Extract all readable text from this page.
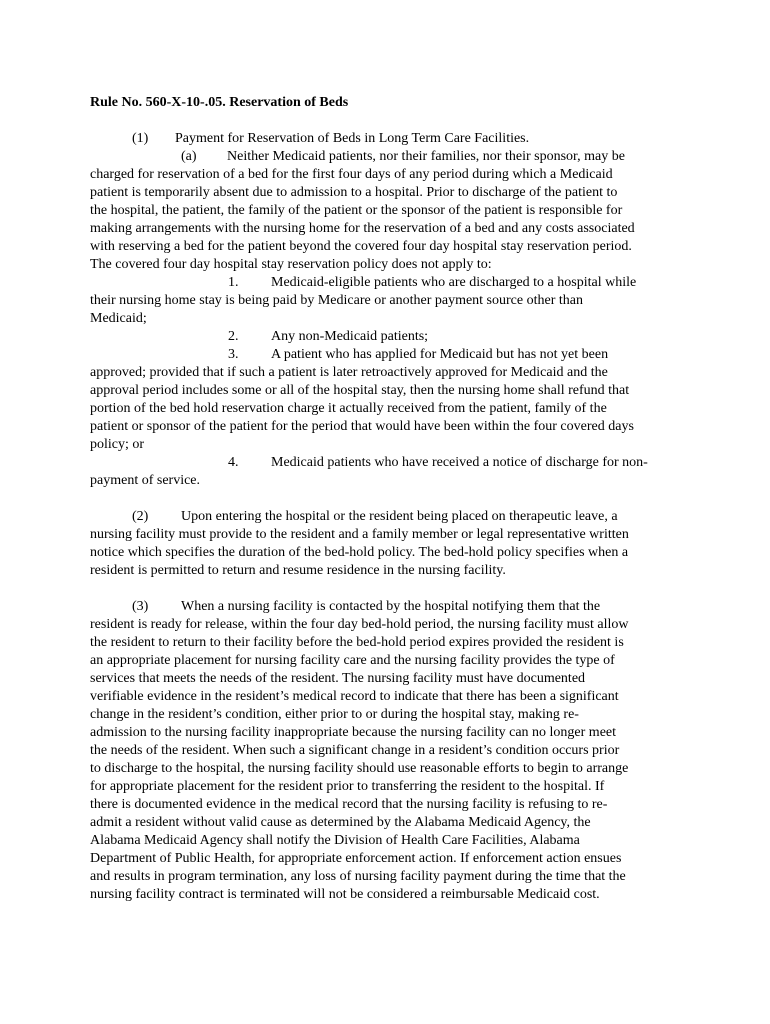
Rule No. 560-X-10-.05. Reservation of Beds
(1) Payment for Reservation of Beds in Long Term Care Facilities.
(a) Neither Medicaid patients, nor their families, nor their sponsor, may be
charged for reservation of a bed for the first four days of any period during which a Medicaid
patient is temporarily absent due to admission to a hospital. Prior to discharge of the patient to
the hospital, the patient, the family of the patient or the sponsor of the patient is responsible for
making arrangements with the nursing home for the reservation of a bed and any costs associated
with reserving a bed for the patient beyond the covered four day hospital stay reservation period.
The covered four day hospital stay reservation policy does not apply to:
1. Medicaid-eligible patients who are discharged to a hospital while
their nursing home stay is being paid by Medicare or another payment source other than
Medicaid;
2. Any non-Medicaid patients;
3. A patient who has applied for Medicaid but has not yet been
approved; provided that if such a patient is later retroactively approved for Medicaid and the
approval period includes some or all of the hospital stay, then the nursing home shall refund that
portion of the bed hold reservation charge it actually received from the patient, family of the
patient or sponsor of the patient for the period that would have been within the four covered days
policy; or
4. Medicaid patients who have received a notice of discharge for non-
payment of service.
(2) Upon entering the hospital or the resident being placed on therapeutic leave, a
nursing facility must provide to the resident and a family member or legal representative written
notice which specifies the duration of the bed-hold policy. The bed-hold policy specifies when a
resident is permitted to return and resume residence in the nursing facility.
(3) When a nursing facility is contacted by the hospital notifying them that the
resident is ready for release, within the four day bed-hold period, the nursing facility must allow
the resident to return to their facility before the bed-hold period expires provided the resident is
an appropriate placement for nursing facility care and the nursing facility provides the type of
services that meets the needs of the resident. The nursing facility must have documented
verifiable evidence in the resident’s medical record to indicate that there has been a significant
change in the resident’s condition, either prior to or during the hospital stay, making re-
admission to the nursing facility inappropriate because the nursing facility can no longer meet
the needs of the resident. When such a significant change in a resident’s condition occurs prior
to discharge to the hospital, the nursing facility should use reasonable efforts to begin to arrange
for appropriate placement for the resident prior to transferring the resident to the hospital. If
there is documented evidence in the medical record that the nursing facility is refusing to re-
admit a resident without valid cause as determined by the Alabama Medicaid Agency, the
Alabama Medicaid Agency shall notify the Division of Health Care Facilities, Alabama
Department of Public Health, for appropriate enforcement action. If enforcement action ensues
and results in program termination, any loss of nursing facility payment during the time that the
nursing facility contract is terminated will not be considered a reimbursable Medicaid cost.
